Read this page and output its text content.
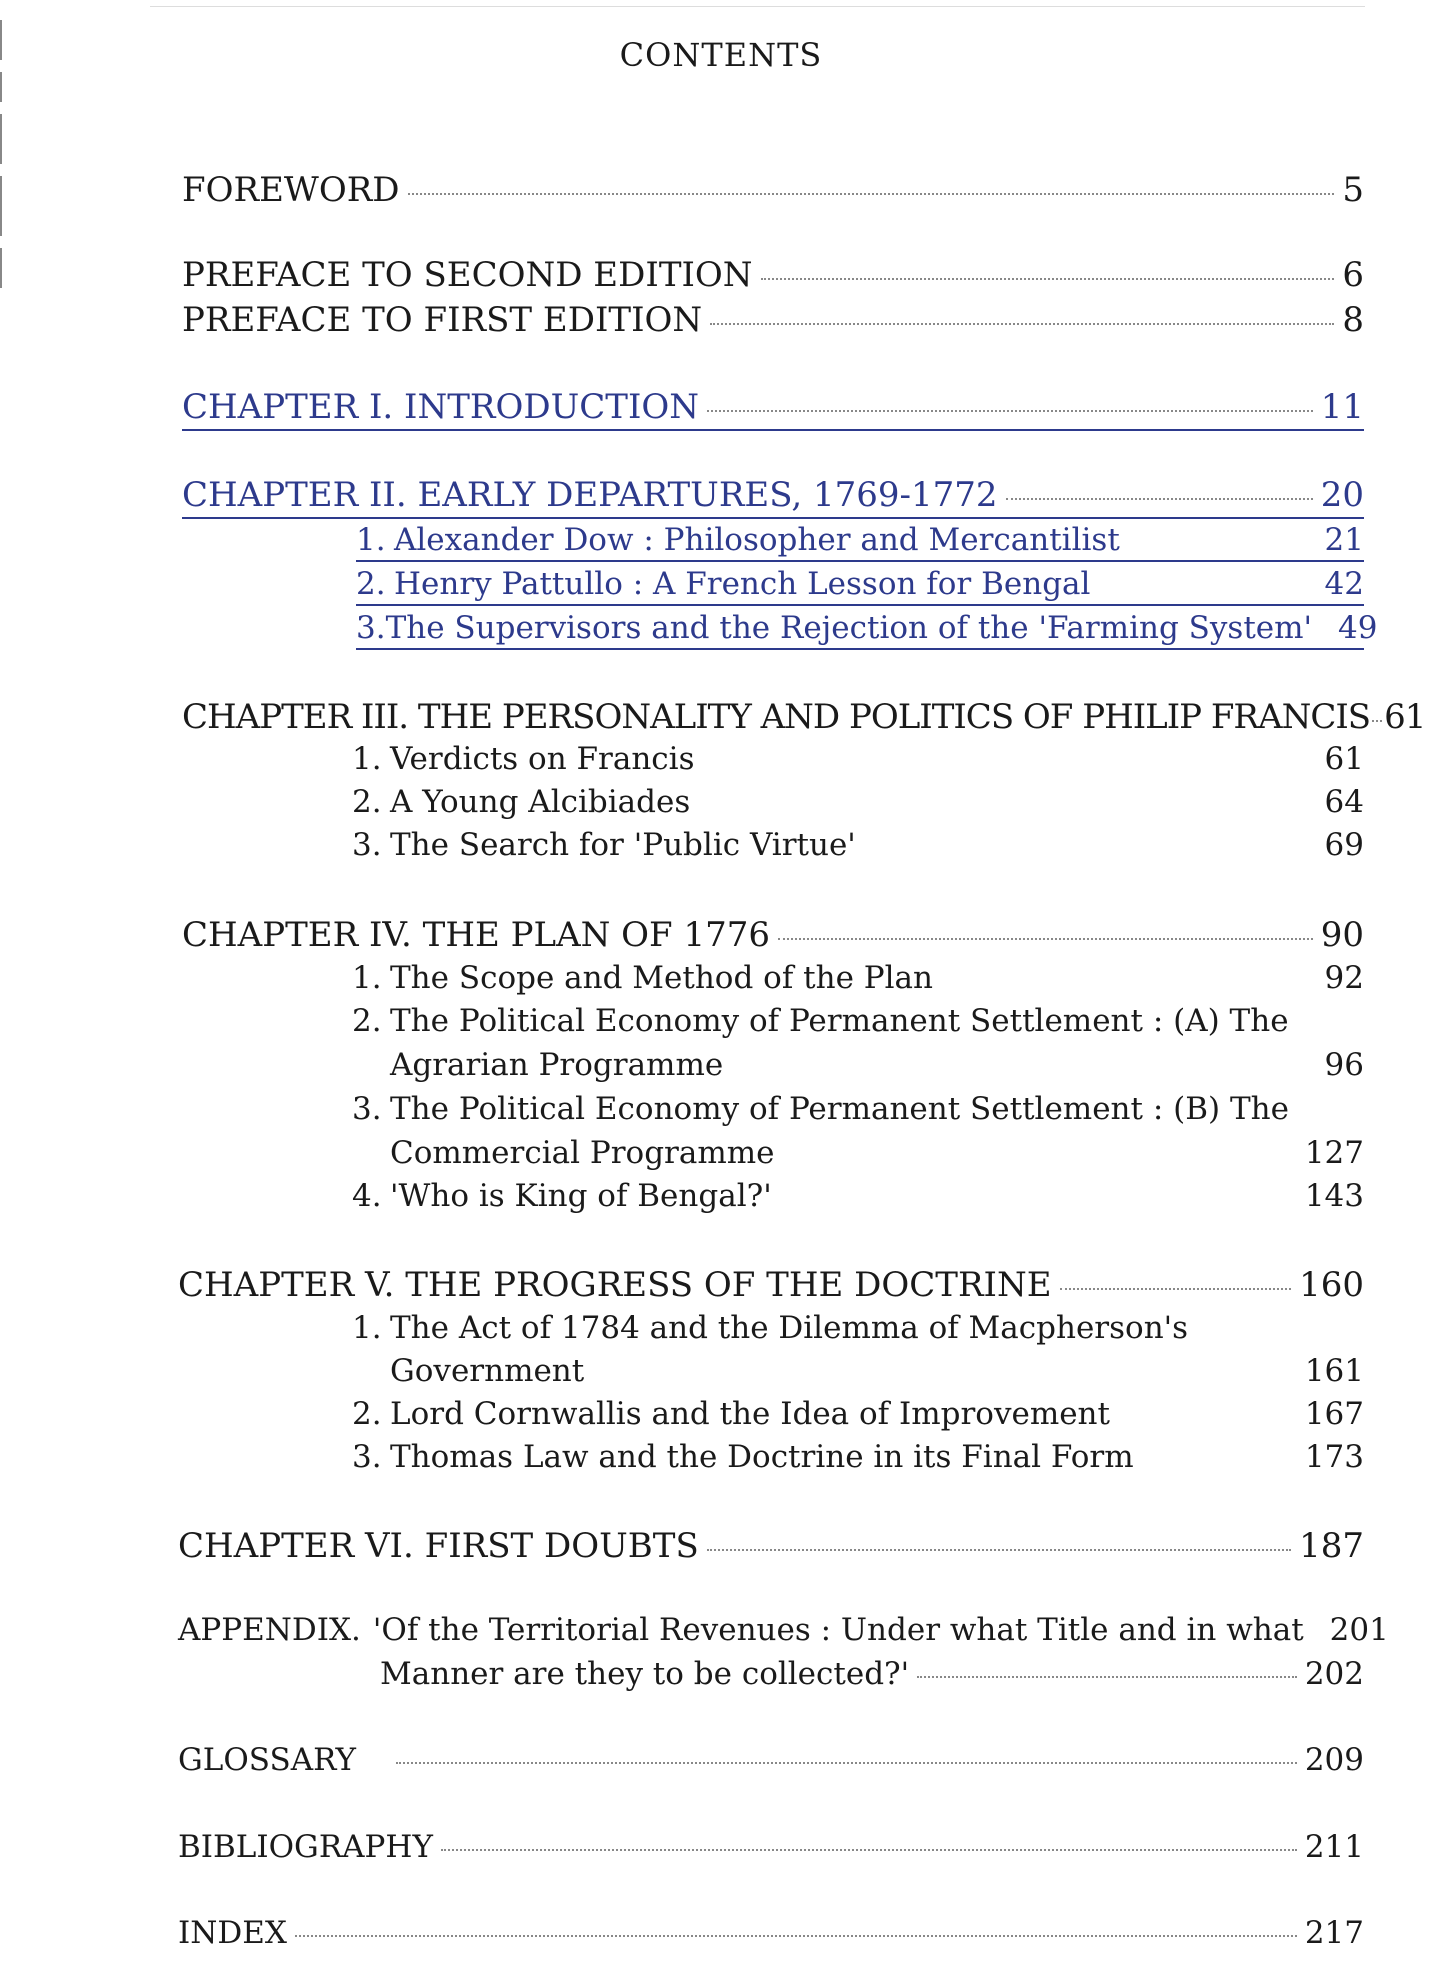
CONTENTS
FOREWORD	5
PREFACE TO SECOND EDITION	6
PREFACE TO FIRST EDITION	8
CHAPTER I. INTRODUCTION	11
CHAPTER II. EARLY DEPARTURES, 1769-1772	20
1. Alexander Dow : Philosopher and Mercantilist	21
2. Henry Pattullo : A French Lesson for Bengal	42
3. The Supervisors and the Rejection of the 'Farming System' 49
CHAPTER III. THE PERSONALITY AND POLITICS OF PHILIP FRANCIS 61
1. Verdicts on Francis	61
2. A Young Alcibiades	64
3. The Search for 'Public Virtue'	69
CHAPTER IV. THE PLAN OF 1776	90
1. The Scope and Method of the Plan	92
2. The Political Economy of Permanent Settlement : (A) The
Agrarian Programme	96
3. The Political Economy of Permanent Settlement : (B) The
Commercial Programme	127
4. 'Who is King of Bengal?'	143
CHAPTER V. THE PROGRESS OF THE DOCTRINE	160
1. The Act of 1784 and the Dilemma of Macpherson's
Government	161
2. Lord Cornwallis and the Idea of Improvement	167
3. Thomas Law and the Doctrine in its Final Form	173
CHAPTER VI. FIRST DOUBTS	187
APPENDIX. 'Of the Territorial Revenues : Under what Title and in what 201
Manner are they to be collected?'	202
GLOSSARY	209
BIBLIOGRAPHY	211
INDEX	217
